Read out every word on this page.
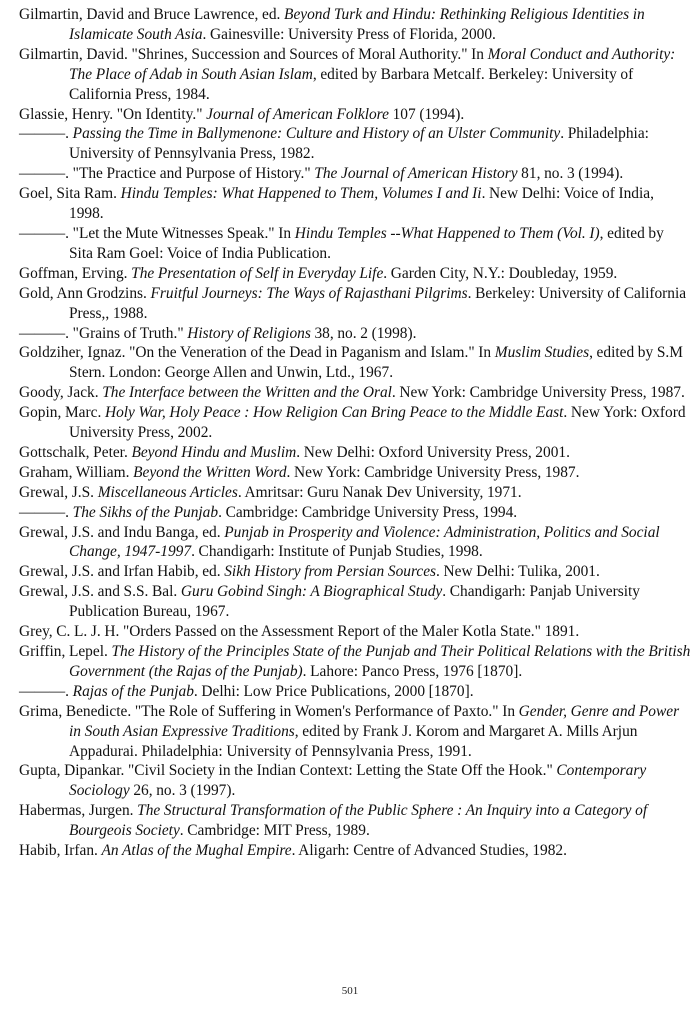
Gilmartin, David and Bruce Lawrence, ed. Beyond Turk and Hindu: Rethinking Religious Identities in Islamicate South Asia. Gainesville: University Press of Florida, 2000.
Gilmartin, David. "Shrines, Succession and Sources of Moral Authority." In Moral Conduct and Authority: The Place of Adab in South Asian Islam, edited by Barbara Metcalf. Berkeley: University of California Press, 1984.
Glassie, Henry. "On Identity." Journal of American Folklore 107 (1994).
———. Passing the Time in Ballymenone: Culture and History of an Ulster Community. Philadelphia: University of Pennsylvania Press, 1982.
———. "The Practice and Purpose of History." The Journal of American History 81, no. 3 (1994).
Goel, Sita Ram. Hindu Temples: What Happened to Them, Volumes I and Ii. New Delhi: Voice of India, 1998.
———. "Let the Mute Witnesses Speak." In Hindu Temples --What Happened to Them (Vol. I), edited by Sita Ram Goel: Voice of India Publication.
Goffman, Erving. The Presentation of Self in Everyday Life. Garden City, N.Y.: Doubleday, 1959.
Gold, Ann Grodzins. Fruitful Journeys: The Ways of Rajasthani Pilgrims. Berkeley: University of California Press,, 1988.
———. "Grains of Truth." History of Religions 38, no. 2 (1998).
Goldziher, Ignaz. "On the Veneration of the Dead in Paganism and Islam." In Muslim Studies, edited by S.M Stern. London: George Allen and Unwin, Ltd., 1967.
Goody, Jack. The Interface between the Written and the Oral. New York: Cambridge University Press, 1987.
Gopin, Marc. Holy War, Holy Peace : How Religion Can Bring Peace to the Middle East. New York: Oxford University Press, 2002.
Gottschalk, Peter. Beyond Hindu and Muslim. New Delhi: Oxford University Press, 2001.
Graham, William. Beyond the Written Word. New York: Cambridge University Press, 1987.
Grewal, J.S. Miscellaneous Articles. Amritsar: Guru Nanak Dev University, 1971.
———. The Sikhs of the Punjab. Cambridge: Cambridge University Press, 1994.
Grewal, J.S. and Indu Banga, ed. Punjab in Prosperity and Violence: Administration, Politics and Social Change, 1947-1997. Chandigarh: Institute of Punjab Studies, 1998.
Grewal, J.S. and Irfan Habib, ed. Sikh History from Persian Sources. New Delhi: Tulika, 2001.
Grewal, J.S. and S.S. Bal. Guru Gobind Singh: A Biographical Study. Chandigarh: Panjab University Publication Bureau, 1967.
Grey, C. L. J. H. "Orders Passed on the Assessment Report of the Maler Kotla State." 1891.
Griffin, Lepel. The History of the Principles State of the Punjab and Their Political Relations with the British Government (the Rajas of the Punjab). Lahore: Panco Press, 1976 [1870].
———. Rajas of the Punjab. Delhi: Low Price Publications, 2000 [1870].
Grima, Benedicte. "The Role of Suffering in Women's Performance of Paxto." In Gender, Genre and Power in South Asian Expressive Traditions, edited by Frank J. Korom and Margaret A. Mills Arjun Appadurai. Philadelphia: University of Pennsylvania Press, 1991.
Gupta, Dipankar. "Civil Society in the Indian Context: Letting the State Off the Hook." Contemporary Sociology 26, no. 3 (1997).
Habermas, Jurgen. The Structural Transformation of the Public Sphere : An Inquiry into a Category of Bourgeois Society. Cambridge: MIT Press, 1989.
Habib, Irfan. An Atlas of the Mughal Empire. Aligarh: Centre of Advanced Studies, 1982.
501
